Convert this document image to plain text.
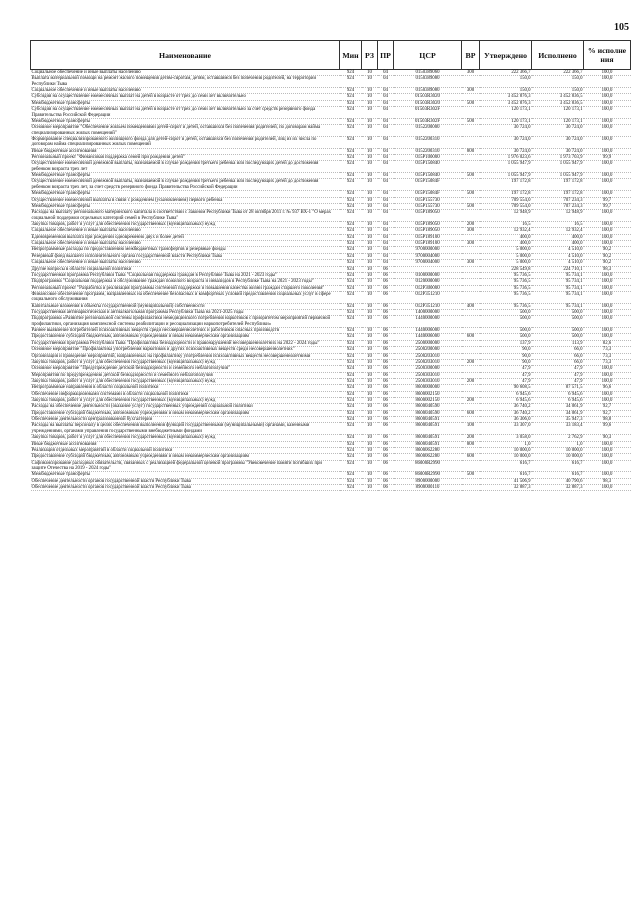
105
Наименование	Мин	РЗ	ПР	ЦСР	ВР	Утверждено	Исполнено	% исполне ния
Социальное обеспечение и иные выплаты населению	924	10	04	0150389060	300	222 366,7	222 366,7	100,0
Выплата материальной помощи на ремонт жилого помещения детям-сиротам, детям, оставшимся без попечения родителей, на территории Республики Тыва	924	10	04	0150389080		150,0	150,0	100,0
Социальное обеспечение и иные выплаты населению	924	10	04	0150389080	300	150,0	150,0	100,0
Субсидия на осуществление ежемесячных выплат на детей в возрасте от трех до семи лет включительно	924	10	04	01503R3020		3 452 876,3	3 452 836,5	100,0
Межбюджетные трансферты	924	10	04	01503R3020	500	3 452 876,3	3 452 836,5	100,0
Субсидия на осуществление ежемесячных выплат на детей в возрасте от трех до семи лет включительно за счет средств резервного фонда Правительства Российской Федерации	924	10	04	01503R302F		120 173,1	120 173,1	100,0
Межбюджетные трансферты	924	10	04	01503R302F	500	120 173,1	120 173,1	100,0
Основное мероприятие "Обеспечение жильем помещениями детей-сирот и детей, оставшихся без попечения родителей, по договорам найма специализированных жилых помещений"	924	10	04	0152200000		30 724,0	30 724,0	100,0
Формирование специализированного жилищного фонда для детей-сирот и детей, оставшихся без попечения родителей, лиц из их числа по договорам найма специализированных жилых помещений	924	10	04	0152200310		30 724,0	30 724,0	100,0
Иные бюджетные ассигнования	924	10	04	0152200310	800	30 724,0	30 724,0	100,0
Региональный проект "Финансовая поддержка семей при рождении детей"	924	10	04	015P100000		1 976 023,6	1 973 703,9	99,9
Осуществление ежемесячной денежной выплаты, назначаемой в случае рождения третьего ребенка или последующих детей до достижения ребенком возраста трех лет	924	10	04	015P150840		1 055 947,9	1 055 947,9	100,0
Межбюджетные трансферты	924	10	04	015P150840	500	1 055 947,9	1 055 947,9	100,0
Осуществление ежемесячной денежной выплаты, назначаемой в случае рождения третьего ребенка или последующих детей до достижения ребенком возраста трех лет, за счет средств резервного фонда Правительства Российской Федерации	924	10	04	015P15084F		197 172,8	197 172,8	100,0
Межбюджетные трансферты	924	10	04	015P15084F	500	197 172,8	197 172,8	100,0
Осуществление ежемесячной выплаты в связи с рождением (усыновлением) первого ребенка	924	10	04	015P155730		709 554,0	707 234,3	99,7
Межбюджетные трансферты	924	10	04	015P155730	500	709 554,0	707 234,3	99,7
Расходы на выплату регионального материнского капитала в соответствии с Законом Республики Тыва от 28 октября 2011 г. № 937 ВХ-1 "О мерах социальной поддержки отдельных категорий семей в Республике Тыва"	924	10	04	015P189050		12 948,9	12 948,9	100,0
Закупка товаров, работ и услуг для обеспечения государственных (муниципальных) нужд	924	10	04	015P189050	200	16,5	16,5	100,0
Социальное обеспечение и иные выплаты населению	924	10	04	015P189050	300	12 932,4	12 932,4	100,0
Единовременная выплата при рождении одновременно двух и более детей	924	10	04	015P189100		400,0	400,0	100,0
Социальное обеспечение и иные выплаты населению	924	10	04	015P189100	300	400,0	400,0	100,0
Непрограммные расходы по предоставлению межбюджетных трансфертов и резервные фонды	924	10	04	9700000000		5 000,0	4 510,0	90,2
Резервный фонд высшего исполнительного органа государственной власти Республики Тыва	924	10	04	9700004000		5 000,0	4 510,0	90,2
Социальное обеспечение и иные выплаты населению	924	10	04	9700004000	300	5 000,0	4 510,0	90,2
Другие вопросы в области социальной политики	924	10	06			228 549,8	224 710,1	98,3
Государственная программа Республики Тыва "Социальная поддержка граждан в Республике Тыва на 2021 - 2023 годы"	924	10	06	0100000000		95 736,5	95 734,1	100,0
Подпрограмма "Социальная поддержка и обслуживание граждан пожилого возраста и инвалидов в Республике Тыва на 2021 - 2023 годы"	924	10	06	0120000000		95 736,5	95 734,1	100,0
Региональный проект "Разработка и реализация программы системной поддержки и повышения качества жизни граждан старшего поколения"	924	10	06	012P300000		95 736,5	95 734,1	100,0
Финансовое обеспечение программ, направленных на обеспечение безопасных и комфортных условий предоставления социальных услуг в сфере социального обслуживания	924	10	06	012P351210		95 736,5	95 734,1	100,0
Капитальные вложения в объекты государственной (муниципальной) собственности	924	10	06	012P351210	400	95 736,5	95 734,1	100,0
Государственная антинаркотическая и антиалкогольная программа Республики Тыва на 2021-2025 годы	924	10	06	1400000000		500,0	500,0	100,0
Подпрограмма «Развитие региональной системы профилактики немедицинского потребления наркотиков с приоритетом мероприятий первичной профилактики, организация комплексной системы реабилитации и ресоциализации наркопотребителей Республики»	924	10	06	1440000000		500,0	500,0	100,0
Раннее выявление потребителей психоактивных веществ среди несовершеннолетних и работников опасных производств	924	10	06	1440006000		500,0	500,0	100,0
Предоставление субсидий бюджетным, автономным учреждениям и иным некоммерческим организациям	924	10	06	1440006000	600	500,0	500,0	100,0
Государственная программа Республики Тыва "Профилактика безнадзорности и правонарушений несовершеннолетних на 2022 - 2024 годы"	924	10	06	2500000000		137,9	113,9	82,6
Основное мероприятие "Профилактика употребления наркотиков и других психоактивных веществ среди несовершеннолетних"	924	10	06	2500200000		90,0	66,0	73,3
Организация и проведение мероприятий, направленных на профилактику употребления психоактивных веществ несовершеннолетними	924	10	06	2500203010		90,0	66,0	73,3
Закупка товаров, работ и услуг для обеспечения государственных (муниципальных) нужд	924	10	06	2500203010	200	90,0	66,0	73,3
Основное мероприятие "Предупреждение детской безнадзорности и семейного неблагополучия"	924	10	06	2500300000		47,9	47,9	100,0
Мероприятия по предупреждению детской безнадзорности и семейного неблагополучия	924	10	06	2500303010		47,9	47,9	100,0
Закупка товаров, работ и услуг для обеспечения государственных (муниципальных) нужд	924	10	06	2500303010	200	47,9	47,9	100,0
Непрограммные направления в области социальной политики	924	10	06	8600000000		90 608,5	87 571,5	96,6
Обеспечение информационными системами в области социальной политики	924	10	06	8600002150		6 945,6	6 945,6	100,0
Закупка товаров, работ и услуг для обеспечения государственных (муниципальных) нужд	924	10	06	8600002150	200	6 945,6	6 945,6	100,0
Расходы на обеспечение деятельности (оказание услуг) государственных учреждений социальной политики	924	10	06	8600040590		36 740,2	34 061,9	92,7
Предоставление субсидий бюджетным, автономным учреждениям и иным некоммерческим организациям	924	10	06	8600040590	600	36 740,2	34 061,9	92,7
Обеспечение деятельности централизованной бухгалтерии	924	10	06	8600040591		36 306,0	35 947,3	98,8
Расходы на выплаты персоналу в целях обеспечения выполнения функций государственными (муниципальными) органами, казенными учреждениями, органами управления государственными внебюджетными фондами	924	10	06	8600040591	100	33 307,0	33 183,4	99,6
Закупка товаров, работ и услуг для обеспечения государственных (муниципальных) нужд	924	10	06	8600040591	200	3 058,0	2 762,9	90,3
Иные бюджетные ассигнования	924	10	06	8600040591	800	1,0	1,0	100,0
Реализация отдельных мероприятий в области социальной политики	924	10	06	8600062280		10 000,0	10 000,0	100,0
Предоставление субсидий бюджетным, автономным учреждениям и иным некоммерческим организациям	924	10	06	8600062280	600	10 000,0	10 000,0	100,0
Софинансирование расходных обязательств, связанных с реализацией федеральной целевой программы "Увековечение памяти погибших при защите Отечества на 2019 - 2024 годы"	924	10	06	86000R2990		616,7	616,7	100,0
Межбюджетные трансферты	924	10	06	86000R2990	500	616,7	616,7	100,0
Обеспечение деятельности органов государственной власти Республики Тыва	924	10	06	8900000000		41 506,9	40 790,6	98,3
Обеспечение деятельности органов государственной власти Республики Тыва	924	10	06	8900000110		32 887,3	32 887,3	100,0
